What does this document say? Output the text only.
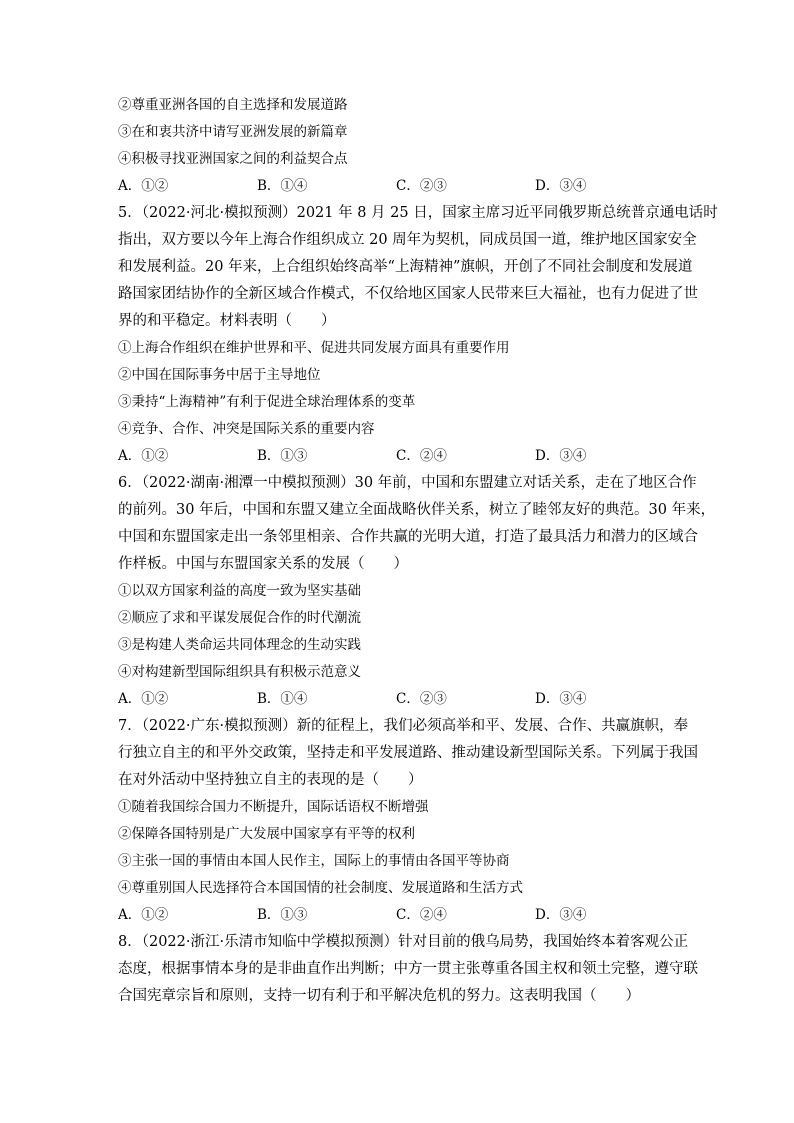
②尊重亚洲各国的自主选择和发展道路
③在和衷共济中请写亚洲发展的新篇章
④积极寻找亚洲国家之间的利益契合点
A．①②	B．①④	C．②③	D．③④
5．（2022·河北·模拟预测）2021 年 8 月 25 日，国家主席习近平同俄罗斯总统普京通电话时
指出，双方要以今年上海合作组织成立 20 周年为契机，同成员国一道，维护地区国家安全
和发展利益。20 年来，上合组织始终高举“上海精神”旗帜，开创了不同社会制度和发展道
路国家团结协作的全新区域合作模式，不仅给地区国家人民带来巨大福祉，也有力促进了世
界的和平稳定。材料表明（　　）
①上海合作组织在维护世界和平、促进共同发展方面具有重要作用
②中国在国际事务中居于主导地位
③秉持“上海精神”有利于促进全球治理体系的变革
④竞争、合作、冲突是国际关系的重要内容
A．①②	B．①③	C．②④	D．③④
6．（2022·湖南·湘潭一中模拟预测）30 年前，中国和东盟建立对话关系，走在了地区合作
的前列。30 年后，中国和东盟又建立全面战略伙伴关系，树立了睦邻友好的典范。30 年来，
中国和东盟国家走出一条邻里相亲、合作共赢的光明大道，打造了最具活力和潜力的区域合
作样板。中国与东盟国家关系的发展（　　）
①以双方国家利益的高度一致为坚实基础
②顺应了求和平谋发展促合作的时代潮流
③是构建人类命运共同体理念的生动实践
④对构建新型国际组织具有积极示范意义
A．①②	B．①④	C．②③	D．③④
7．（2022·广东·模拟预测）新的征程上，我们必须高举和平、发展、合作、共赢旗帜，奉
行独立自主的和平外交政策，坚持走和平发展道路、推动建设新型国际关系。下列属于我国
在对外活动中坚持独立自主的表现的是（　　）
①随着我国综合国力不断提升，国际话语权不断增强
②保障各国特别是广大发展中国家享有平等的权利
③主张一国的事情由本国人民作主，国际上的事情由各国平等协商
④尊重别国人民选择符合本国国情的社会制度、发展道路和生活方式
A．①②	B．①③	C．②④	D．③④
8．（2022·浙江·乐清市知临中学模拟预测）针对目前的俄乌局势，我国始终本着客观公正
态度，根据事情本身的是非曲直作出判断；中方一贯主张尊重各国主权和领土完整，遵守联
合国宪章宗旨和原则，支持一切有利于和平解决危机的努力。这表明我国（　　）
